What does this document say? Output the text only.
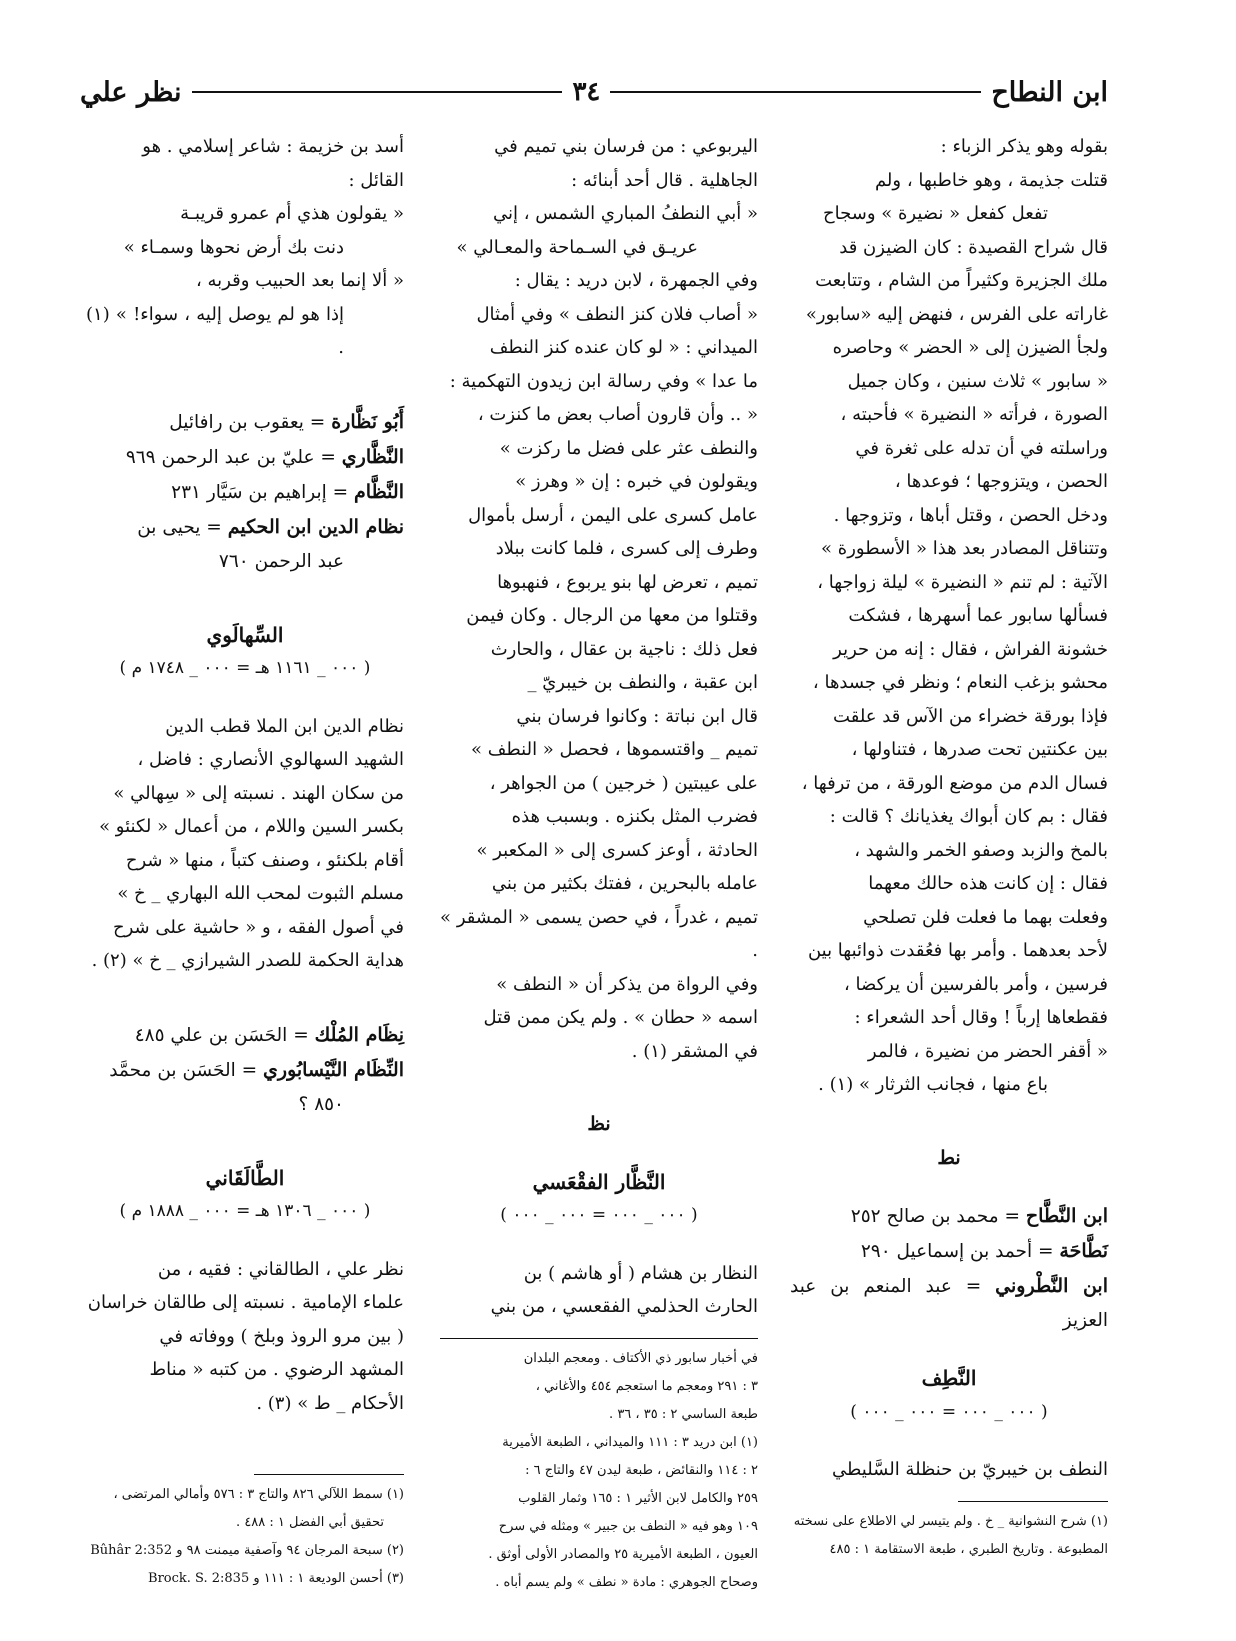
ابن النطاح
٣٤
نظر علي

بقوله وهو يذكر الزباء :

قتلت جذيمة ، وهو خاطبها ، ولم

تفعل كفعل « نضيرة » وسجاح

قال شراح القصيدة : كان الضيزن قد

ملك الجزيرة وكثيراً من الشام ، وتتابعت

غاراته على الفرس ، فنهض إليه «سابور»

ولجأ الضيزن إلى « الحضر » وحاصره

« سابور » ثلاث سنين ، وكان جميل

الصورة ، فرأته « النضيرة » فأحبته ،

وراسلته في أن تدله على ثغرة في

الحصن ، ويتزوجها ؛ فوعدها ،

ودخل الحصن ، وقتل أباها ، وتزوجها .

وتتناقل المصادر بعد هذا « الأسطورة »

الآتية : لم تنم « النضيرة » ليلة زواجها ،

فسألها سابور عما أسهرها ، فشكت

خشونة الفراش ، فقال : إنه من حرير

محشو بزغب النعام ؛ ونظر في جسدها ،

فإذا بورقة خضراء من الآس قد علقت

بين عكنتين تحت صدرها ، فتناولها ،

فسال الدم من موضع الورقة ، من ترفها ،

فقال : بم كان أبواك يغذيانك ؟ قالت :

بالمخ والزبد وصفو الخمر والشهد ،

فقال : إن كانت هذه حالك معهما

وفعلت بهما ما فعلت فلن تصلحي

لأحد بعدهما . وأمر بها فعُقدت ذوائبها بين

فرسين ، وأمر بالفرسين أن يركضا ،

فقطعاها إرباً ! وقال أحد الشعراء :

« أقفر الحضر من نضيرة ، فالمر

باع منها ، فجانب الثرثار » (١) .

نط

ابن النَّطَّاح = محمد بن صالح ٢٥٢

نَطَّاحَة = أحمد بن إسماعيل ٢٩٠

ابن النَّطْروني = عبد المنعم بن عبد العزيز

النَّطِف

( ٠٠٠ _ ٠٠٠ = ٠٠٠ _ ٠٠٠ )

النطف بن خيبريّ بن حنظلة السَّليطي

(١) شرح النشوانية _ خ . ولم يتيسر لي الاطلاع على نسخته

المطبوعة . وتاريخ الطبري ، طبعة الاستقامة ١ : ٤٨٥

اليربوعي : من فرسان بني تميم في

الجاهلية . قال أحد أبنائه :

« أبي النطفُ المباري الشمس ، إني

عريـق في السـماحة والمعـالي »

وفي الجمهرة ، لابن دريد : يقال :

« أصاب فلان كنز النطف » وفي أمثال

الميداني : « لو كان عنده كنز النطف

ما عدا » وفي رسالة ابن زيدون التهكمية :

« .. وأن قارون أصاب بعض ما كنزت ،

والنطف عثر على فضل ما ركزت »

ويقولون في خبره : إن « وهرز »

عامل كسرى على اليمن ، أرسل بأموال

وطرف إلى كسرى ، فلما كانت ببلاد

تميم ، تعرض لها بنو يربوع ، فنهبوها

وقتلوا من معها من الرجال . وكان فيمن

فعل ذلك : ناجية بن عقال ، والحارث

ابن عقبة ، والنطف بن خيبريّ _

قال ابن نباتة : وكانوا فرسان بني

تميم _ واقتسموها ، فحصل « النطف »

على عيبتين ( خرجين ) من الجواهر ،

فضرب المثل بكنزه . وبسبب هذه

الحادثة ، أوعز كسرى إلى « المكعبر »

عامله بالبحرين ، ففتك بكثير من بني

تميم ، غدراً ، في حصن يسمى « المشقر » .

وفي الرواة من يذكر أن « النطف »

اسمه « حطان » . ولم يكن ممن قتل

في المشقر (١) .

نظ

النَّظَّار الفقْعَسي

( ٠٠٠ _ ٠٠٠ = ٠٠٠ _ ٠٠٠ )

النظار بن هشام ( أو هاشم ) بن

الحارث الحذلمي الفقعسي ، من بني

في أخبار سابور ذي الأكتاف . ومعجم البلدان

٣ : ٢٩١ ومعجم ما استعجم ٤٥٤ والأغاني ،

طبعة الساسي ٢ : ٣٥ ، ٣٦ .

(١) ابن دريد ٣ : ١١١ والميداني ، الطبعة الأميرية

٢ : ١١٤ والنقائض ، طبعة ليدن ٤٧ والتاج ٦ :

٢٥٩ والكامل لابن الأثير ١ : ١٦٥ وثمار القلوب

١٠٩ وهو فيه « النطف بن جبير » ومثله في سرح

العيون ، الطبعة الأميرية ٢٥ والمصادر الأولى أوثق .

وصحاح الجوهري : مادة « نطف » ولم يسم أباه .

أسد بن خزيمة : شاعر إسلامي . هو

القائل :

« يقولون هذي أم عمرو قريبـة

دنت بك أرض نحوها وسمـاء »

« ألا إنما بعد الحبيب وقربه ،

إذا هو لم يوصل إليه ، سواء! » (١) .

أَبُو نَظَّارة = يعقوب بن رافائيل

النَّظَّاري = عليّ بن عبد الرحمن ٩٦٩

النَّظَّام = إبراهيم بن سَيَّار ٢٣١

نظام الدين ابن الحكيم = يحيى بن

عبد الرحمن ٧٦٠

السِّهالَوي

( ٠٠٠ _ ١١٦١ هـ = ٠٠٠ _ ١٧٤٨ م )

نظام الدين ابن الملا قطب الدين

الشهيد السهالوي الأنصاري : فاضل ،

من سكان الهند . نسبته إلى « سِهالي »

بكسر السين واللام ، من أعمال « لكنئو »

أقام بلكنئو ، وصنف كتباً ، منها « شرح

مسلم الثبوت لمحب الله البهاري _ خ »

في أصول الفقه ، و « حاشية على شرح

هداية الحكمة للصدر الشيرازي _ خ » (٢) .

نِظَام المُلْك = الحَسَن بن علي ٤٨٥

النِّظَام النَّيْسابُوري = الحَسَن بن محمَّد

٨٥٠ ؟

الطَّالَقَاني

( ٠٠٠ _ ١٣٠٦ هـ = ٠٠٠ _ ١٨٨٨ م )

نظر علي ، الطالقاني : فقيه ، من

علماء الإمامية . نسبته إلى طالقان خراسان

( بين مرو الروذ وبلخ ) ووفاته في

المشهد الرضوي . من كتبه « مناط

الأحكام _ ط » (٣) .

(١) سمط اللآلي ٨٢٦ والتاج ٣ : ٥٧٦ وأمالي المرتضى ،

تحقيق أبي الفضل ١ : ٤٨٨ .

(٢) سبحة المرجان ٩٤ وآصفية ميمنت ٩٨ و Bûhâr 2:352

(٣) أحسن الوديعة ١ : ١١١ و Brock. S. 2:835
